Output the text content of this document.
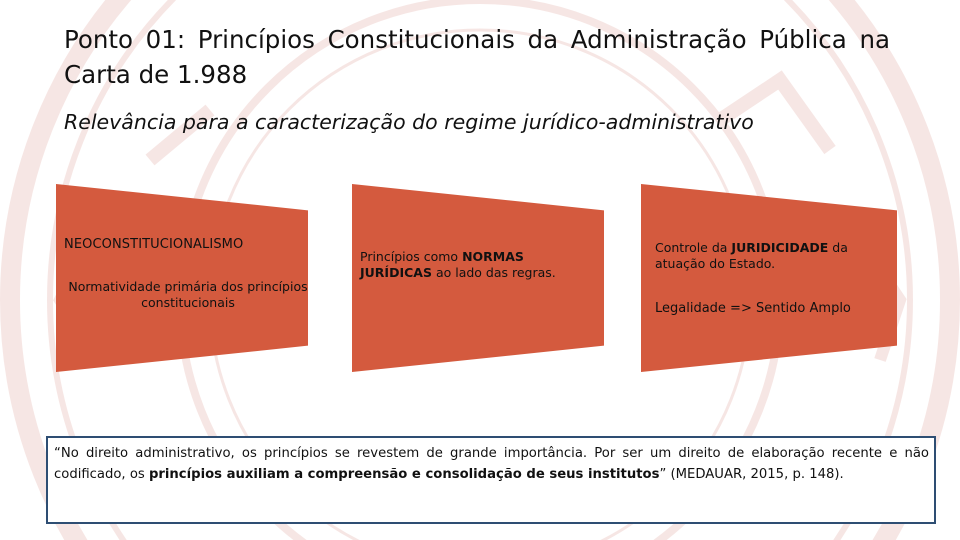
Ponto 01: Princípios Constitucionais da Administração Pública na Carta de 1.988
Relevância para a caracterização do regime jurídico-administrativo
NEOCONSTITUCIONALISMO
Normatividade primária dos princípios constitucionais
Princípios como NORMAS
JURÍDICAS ao lado das regras.
Controle da JURIDICIDADE da atuação do Estado.
Legalidade => Sentido Amplo
“No direito administrativo, os princípios se revestem de grande importância. Por ser um direito de elaboração recente e não codificado, os princípios auxiliam a compreensão e consolidação de seus institutos” (MEDAUAR, 2015, p. 148).
